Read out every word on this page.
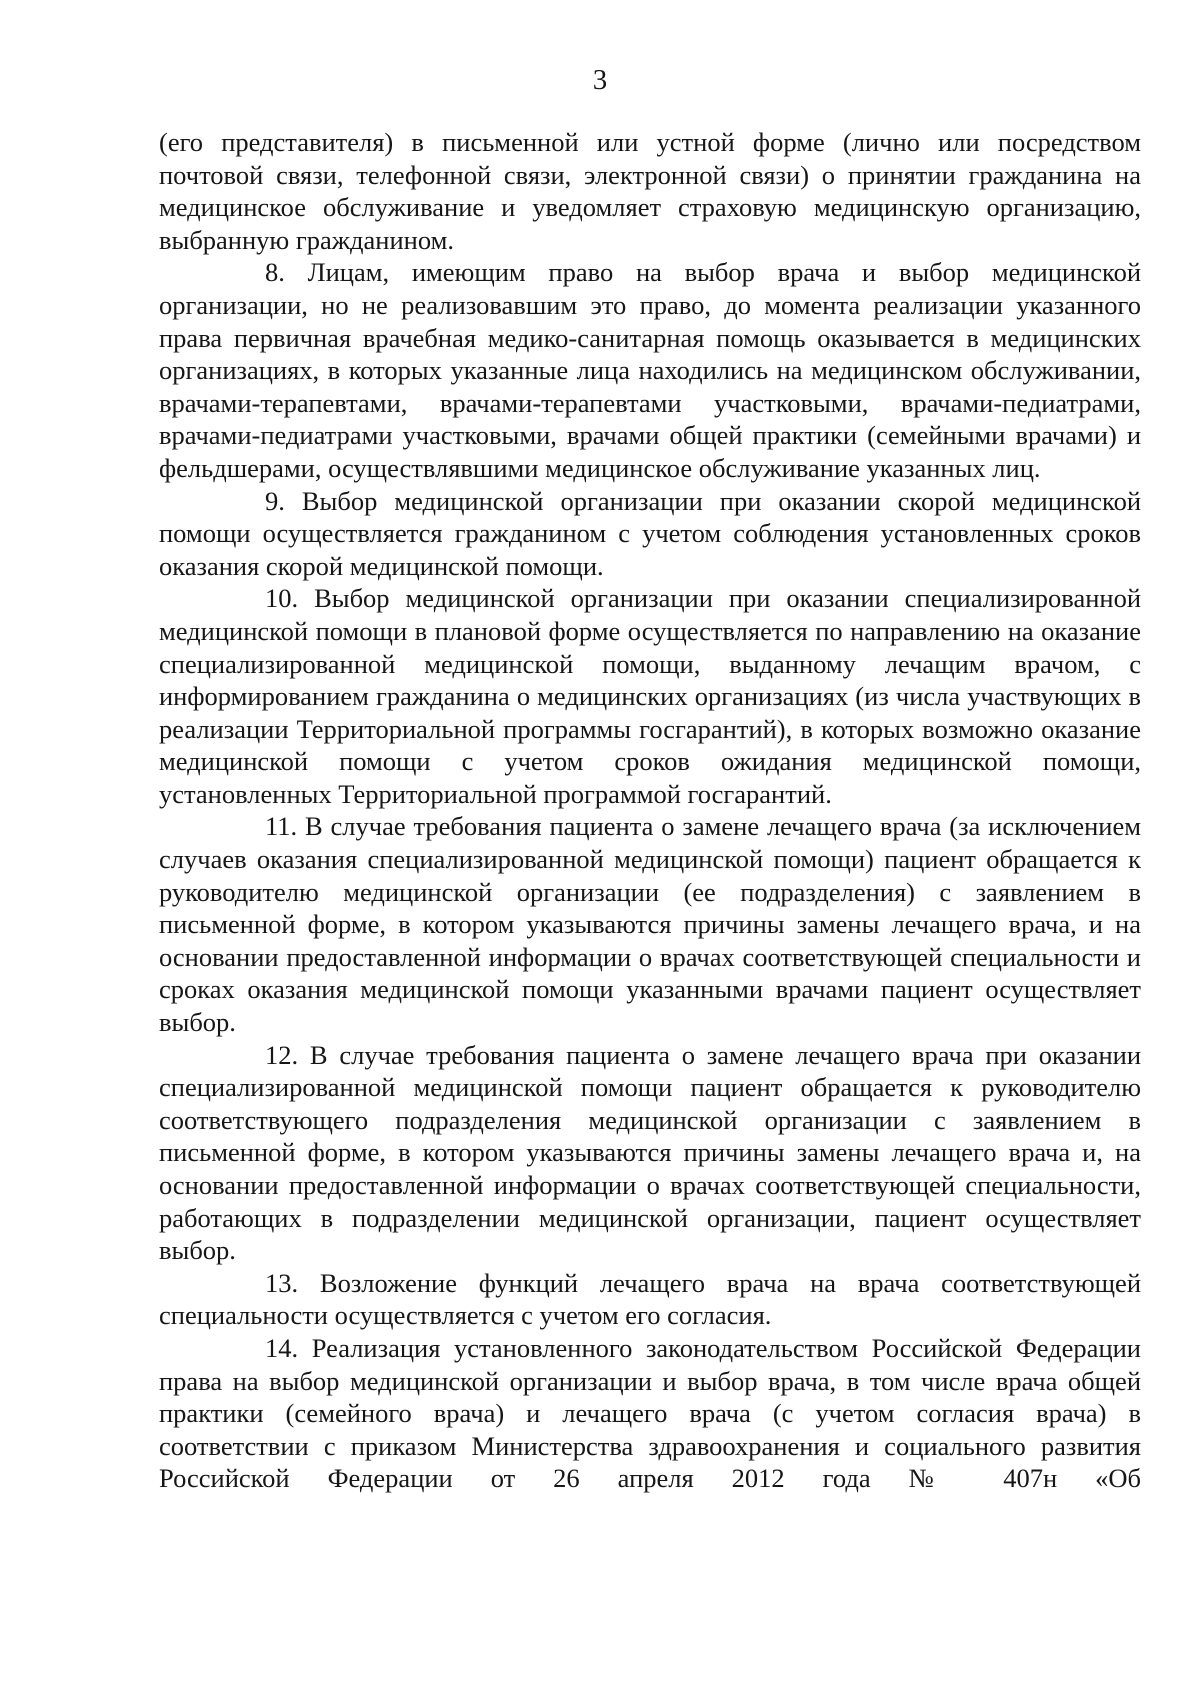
3

(его представителя) в письменной или устной форме (лично или посредством почтовой связи, телефонной связи, электронной связи) о принятии гражданина на медицинское обслуживание и уведомляет страховую медицинскую организацию, выбранную гражданином.

8. Лицам, имеющим право на выбор врача и выбор медицинской организации, но не реализовавшим это право, до момента реализации указанного права первичная врачебная медико-санитарная помощь оказывается в медицинских организациях, в которых указанные лица находились на медицинском обслуживании, врачами-терапевтами, врачами-терапевтами участковыми, врачами-педиатрами, врачами-педиатрами участковыми, врачами общей практики (семейными врачами) и фельдшерами, осуществлявшими медицинское обслуживание указанных лиц.

9. Выбор медицинской организации при оказании скорой медицинской помощи осуществляется гражданином с учетом соблюдения установленных сроков оказания скорой медицинской помощи.

10. Выбор медицинской организации при оказании специализированной медицинской помощи в плановой форме осуществляется по направлению на оказание специализированной медицинской помощи, выданному лечащим врачом, с информированием гражданина о медицинских организациях (из числа участвующих в реализации Территориальной программы госгарантий), в которых возможно оказание медицинской помощи с учетом сроков ожидания медицинской помощи, установленных Территориальной программой госгарантий.

11. В случае требования пациента о замене лечащего врача (за исключением случаев оказания специализированной медицинской помощи) пациент обращается к руководителю медицинской организации (ее подразделения) с заявлением в письменной форме, в котором указываются причины замены лечащего врача, и на основании предоставленной информации о врачах соответствующей специальности и сроках оказания медицинской помощи указанными врачами пациент осуществляет выбор.

12. В случае требования пациента о замене лечащего врача при оказании специализированной медицинской помощи пациент обращается к руководителю соответствующего подразделения медицинской организации с заявлением в письменной форме, в котором указываются причины замены лечащего врача и, на основании предоставленной информации о врачах соответствующей специальности, работающих в подразделении медицинской организации, пациент осуществляет выбор.

13. Возложение функций лечащего врача на врача соответствующей специальности осуществляется с учетом его согласия.

14. Реализация установленного законодательством Российской Федерации права на выбор медицинской организации и выбор врача, в том числе врача общей практики (семейного врача) и лечащего врача (с учетом согласия врача) в соответствии с приказом Министерства здравоохранения и социального развития Российской Федерации от 26 апреля 2012 года № 407н «Об
